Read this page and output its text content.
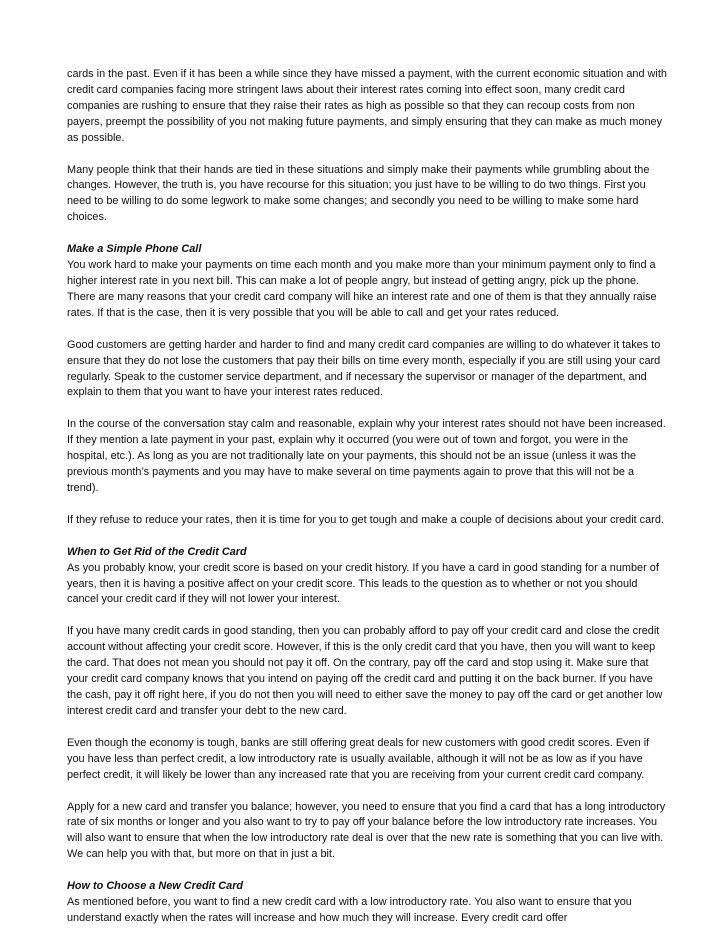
cards in the past. Even if it has been a while since they have missed a payment, with the current economic situation and with credit card companies facing more stringent laws about their interest rates coming into effect soon, many credit card companies are rushing to ensure that they raise their rates as high as possible so that they can recoup costs from non payers, preempt the possibility of you not making future payments, and simply ensuring that they can make as much money as possible.

Many people think that their hands are tied in these situations and simply make their payments while grumbling about the changes. However, the truth is, you have recourse for this situation; you just have to be willing to do two things. First you need to be willing to do some legwork to make some changes; and secondly you need to be willing to make some hard choices.

Make a Simple Phone Call

You work hard to make your payments on time each month and you make more than your minimum payment only to find a higher interest rate in you next bill. This can make a lot of people angry, but instead of getting angry, pick up the phone. There are many reasons that your credit card company will hike an interest rate and one of them is that they annually raise rates. If that is the case, then it is very possible that you will be able to call and get your rates reduced.

Good customers are getting harder and harder to find and many credit card companies are willing to do whatever it takes to ensure that they do not lose the customers that pay their bills on time every month, especially if you are still using your card regularly. Speak to the customer service department, and if necessary the supervisor or manager of the department, and explain to them that you want to have your interest rates reduced.

In the course of the conversation stay calm and reasonable, explain why your interest rates should not have been increased. If they mention a late payment in your past, explain why it occurred (you were out of town and forgot, you were in the hospital, etc.). As long as you are not traditionally late on your payments, this should not be an issue (unless it was the previous month’s payments and you may have to make several on time payments again to prove that this will not be a trend).

If they refuse to reduce your rates, then it is time for you to get tough and make a couple of decisions about your credit card.

When to Get Rid of the Credit Card

As you probably know, your credit score is based on your credit history. If you have a card in good standing for a number of years, then it is having a positive affect on your credit score. This leads to the question as to whether or not you should cancel your credit card if they will not lower your interest.

If you have many credit cards in good standing, then you can probably afford to pay off your credit card and close the credit account without affecting your credit score. However, if this is the only credit card that you have, then you will want to keep the card. That does not mean you should not pay it off. On the contrary, pay off the card and stop using it. Make sure that your credit card company knows that you intend on paying off the credit card and putting it on the back burner. If you have the cash, pay it off right here, if you do not then you will need to either save the money to pay off the card or get another low interest credit card and transfer your debt to the new card.

Even though the economy is tough, banks are still offering great deals for new customers with good credit scores. Even if you have less than perfect credit, a low introductory rate is usually available, although it will not be as low as if you have perfect credit, it will likely be lower than any increased rate that you are receiving from your current credit card company.

Apply for a new card and transfer you balance; however, you need to ensure that you find a card that has a long introductory rate of six months or longer and you also want to try to pay off your balance before the low introductory rate increases. You will also want to ensure that when the low introductory rate deal is over that the new rate is something that you can live with. We can help you with that, but more on that in just a bit.

How to Choose a New Credit Card

As mentioned before, you want to find a new credit card with a low introductory rate. You also want to ensure that you understand exactly when the rates will increase and how much they will increase. Every credit card offer
